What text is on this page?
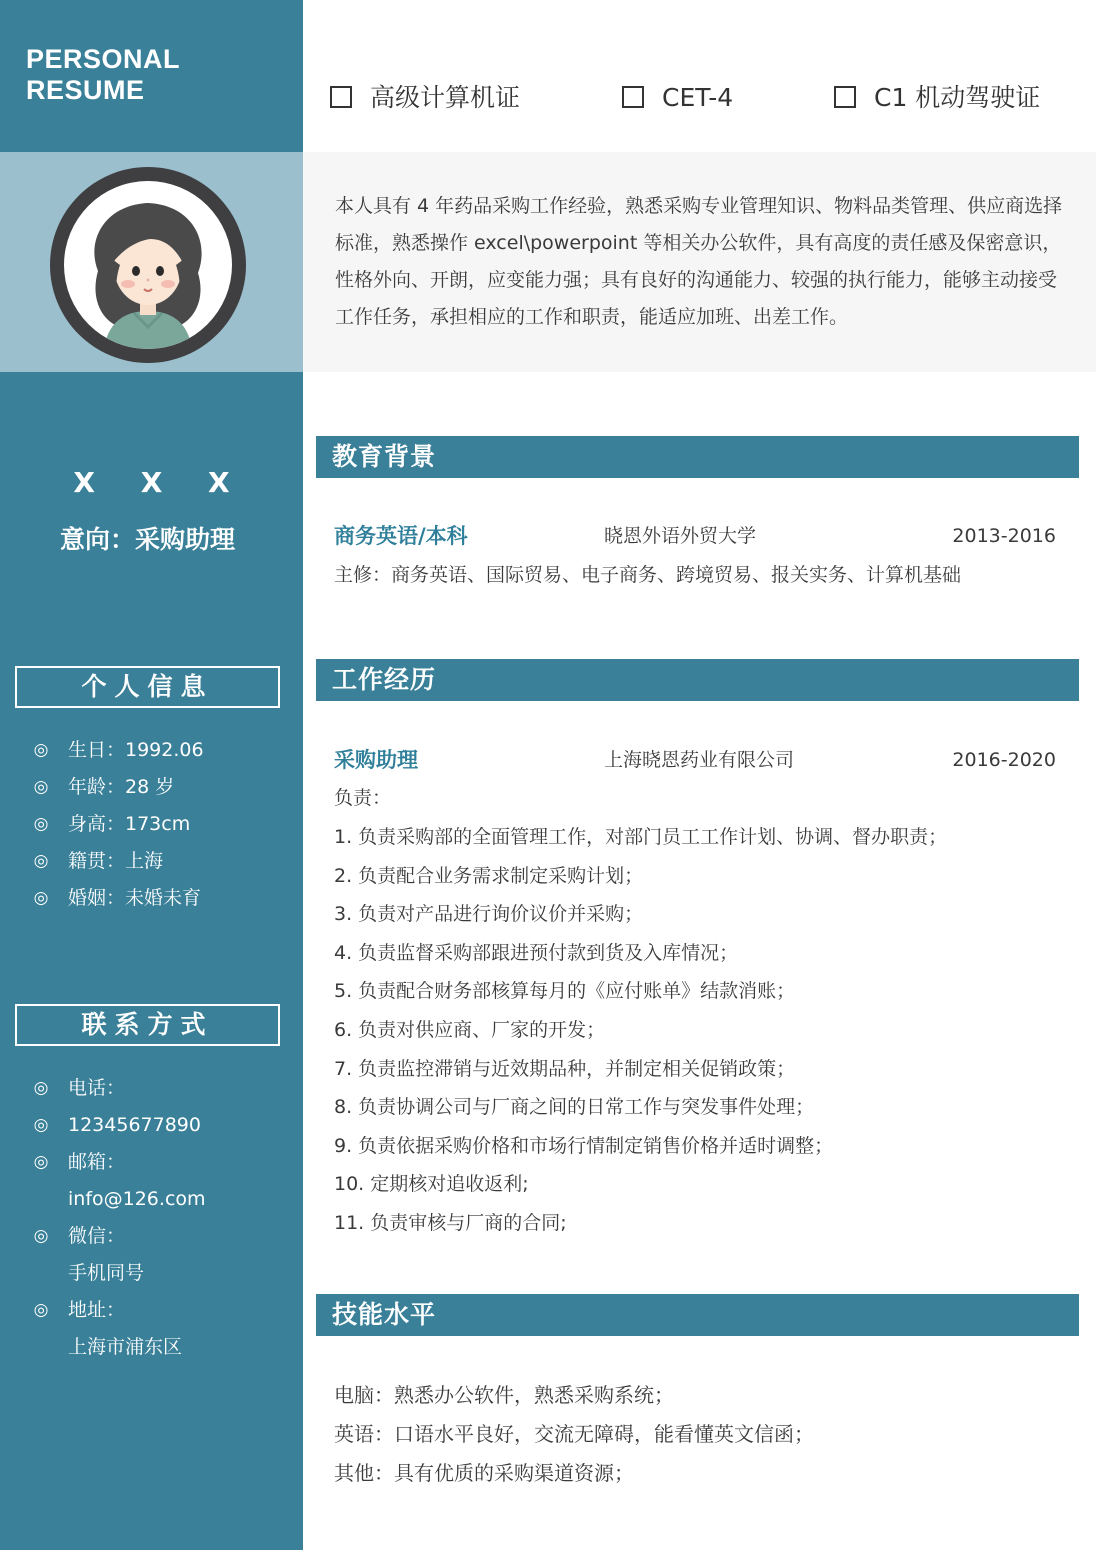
PERSONAL RESUME
X X X
意向：采购助理
个人信息
◎ 生日：1992.06
◎ 年龄：28 岁
◎ 身高：173cm
◎ 籍贯：上海
◎ 婚姻：未婚未育
联系方式
◎ 电话：
◎ 12345677890
◎ 邮箱：
info@126.com
◎ 微信：
手机同号
◎ 地址：
上海市浦东区
高级计算机证	CET-4	C1 机动驾驶证
本人具有 4 年药品采购工作经验，熟悉采购专业管理知识、物料品类管理、供应商选择标准，熟悉操作 excel\powerpoint 等相关办公软件，具有高度的责任感及保密意识，性格外向、开朗，应变能力强；具有良好的沟通能力、较强的执行能力，能够主动接受工作任务，承担相应的工作和职责，能适应加班、出差工作。
教育背景
商务英语/本科	晓恩外语外贸大学	2013-2016
主修：商务英语、国际贸易、电子商务、跨境贸易、报关实务、计算机基础
工作经历
采购助理	上海晓恩药业有限公司	2016-2020
负责：
1. 负责采购部的全面管理工作，对部门员工工作计划、协调、督办职责；
2. 负责配合业务需求制定采购计划；
3. 负责对产品进行询价议价并采购；
4. 负责监督采购部跟进预付款到货及入库情况；
5. 负责配合财务部核算每月的《应付账单》结款消账；
6. 负责对供应商、厂家的开发；
7. 负责监控滞销与近效期品种，并制定相关促销政策；
8. 负责协调公司与厂商之间的日常工作与突发事件处理；
9. 负责依据采购价格和市场行情制定销售价格并适时调整；
10. 定期核对追收返利;
11. 负责审核与厂商的合同;
技能水平
电脑：熟悉办公软件，熟悉采购系统；
英语：口语水平良好，交流无障碍，能看懂英文信函；
其他：具有优质的采购渠道资源；
